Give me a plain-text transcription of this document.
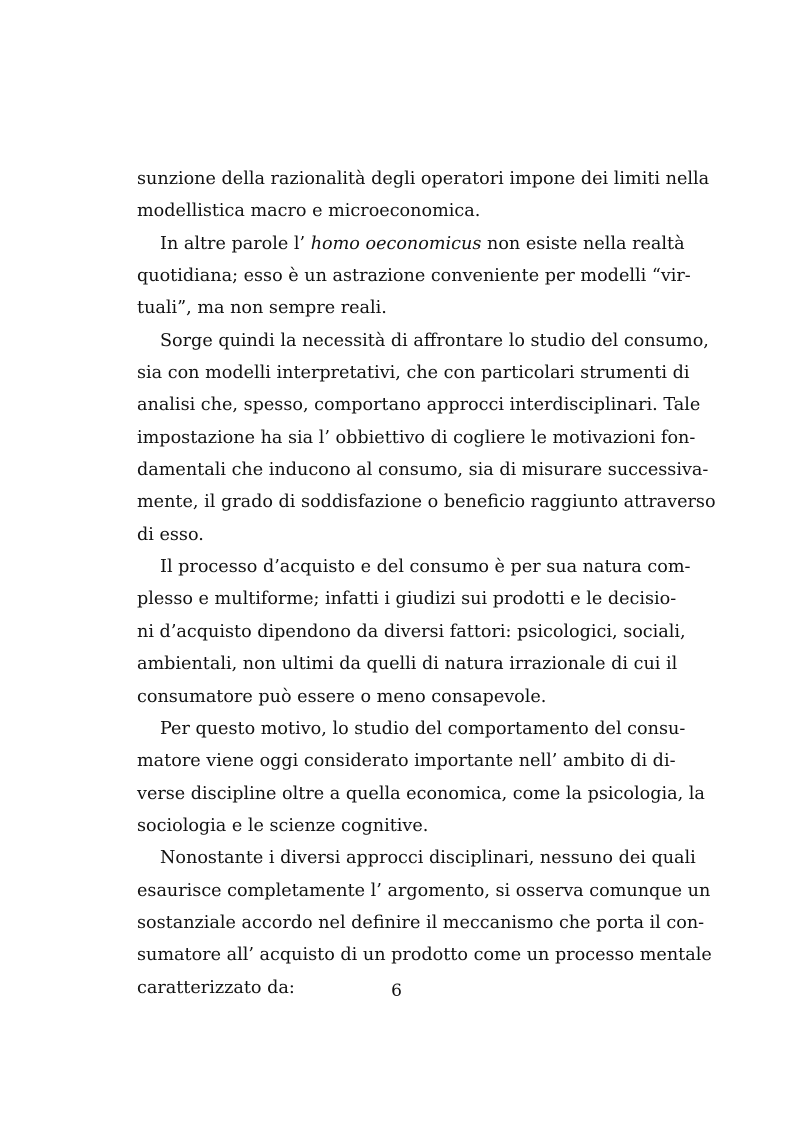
sunzione della razionalità degli operatori impone dei limiti nella
modellistica macro e microeconomica.
In altre parole l’ homo oeconomicus non esiste nella realtà
quotidiana; esso è un astrazione conveniente per modelli “vir-
tuali”, ma non sempre reali.
Sorge quindi la necessità di affrontare lo studio del consumo,
sia con modelli interpretativi, che con particolari strumenti di
analisi che, spesso, comportano approcci interdisciplinari. Tale
impostazione ha sia l’ obbiettivo di cogliere le motivazioni fon-
damentali che inducono al consumo, sia di misurare successiva-
mente, il grado di soddisfazione o beneficio raggiunto attraverso
di esso.
Il processo d’acquisto e del consumo è per sua natura com-
plesso e multiforme; infatti i giudizi sui prodotti e le decisio-
ni d’acquisto dipendono da diversi fattori: psicologici, sociali,
ambientali, non ultimi da quelli di natura irrazionale di cui il
consumatore può essere o meno consapevole.
Per questo motivo, lo studio del comportamento del consu-
matore viene oggi considerato importante nell’ ambito di di-
verse discipline oltre a quella economica, come la psicologia, la
sociologia e le scienze cognitive.
Nonostante i diversi approcci disciplinari, nessuno dei quali
esaurisce completamente l’ argomento, si osserva comunque un
sostanziale accordo nel definire il meccanismo che porta il con-
sumatore all’ acquisto di un prodotto come un processo mentale
caratterizzato da:	6
